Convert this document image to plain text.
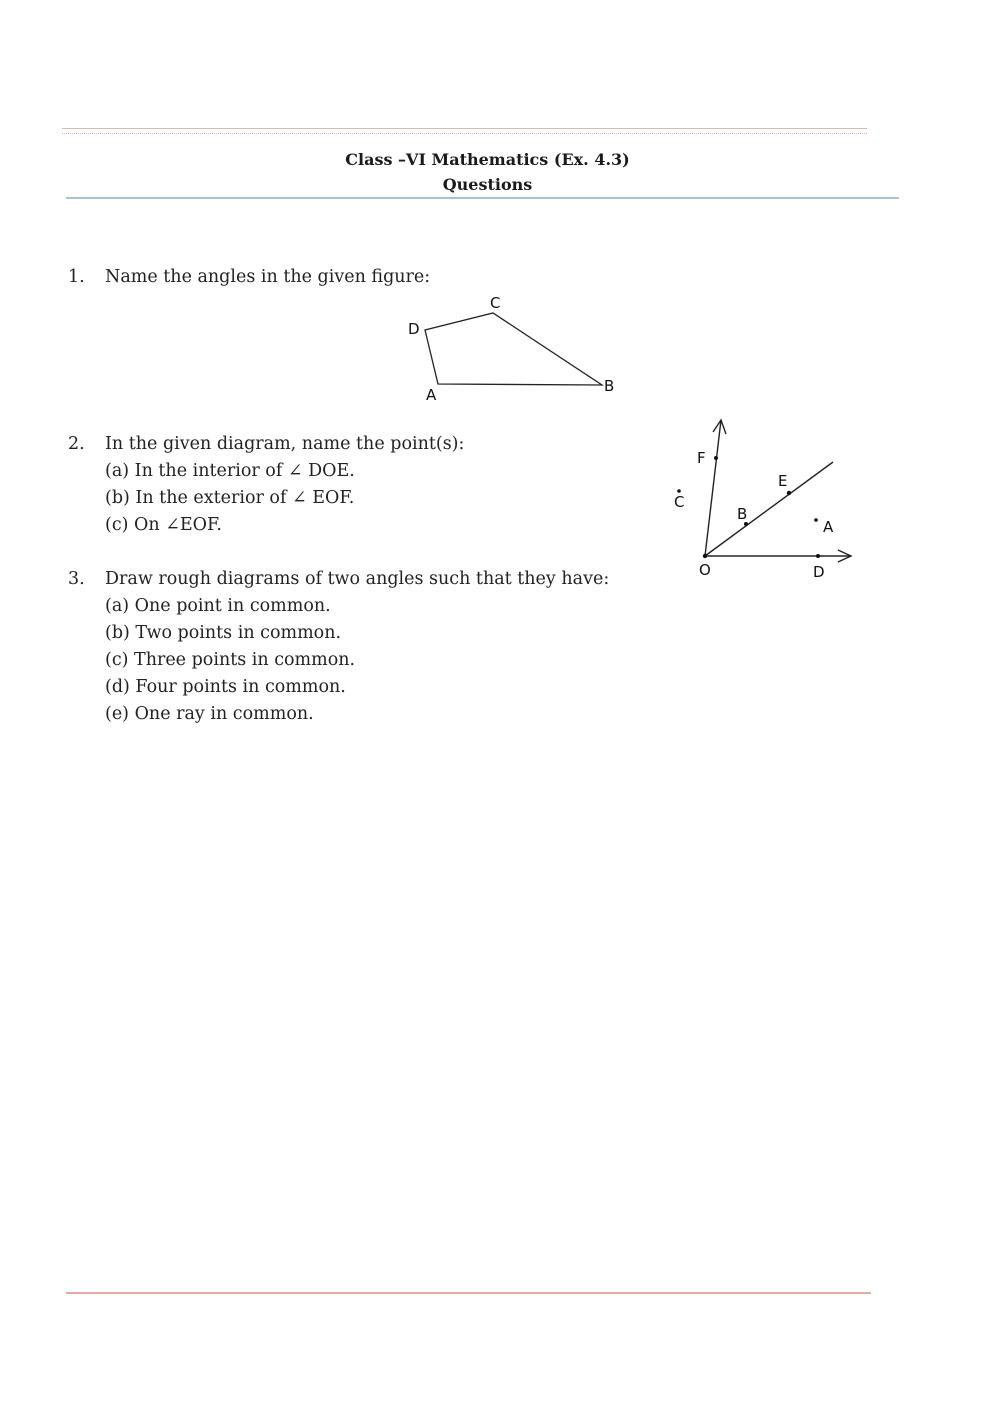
Class –VI Mathematics (Ex. 4.3)
Questions
1.	Name the angles in the given figure:
C
D
A	B
2.	In the given diagram, name the point(s):
(a) In the interior of ∠ DOE.
(b) In the exterior of ∠ EOF.
(c) On ∠EOF.
F
E
B
C
A
O	D
3.	Draw rough diagrams of two angles such that they have:
(a) One point in common.
(b) Two points in common.
(c) Three points in common.
(d) Four points in common.
(e) One ray in common.
